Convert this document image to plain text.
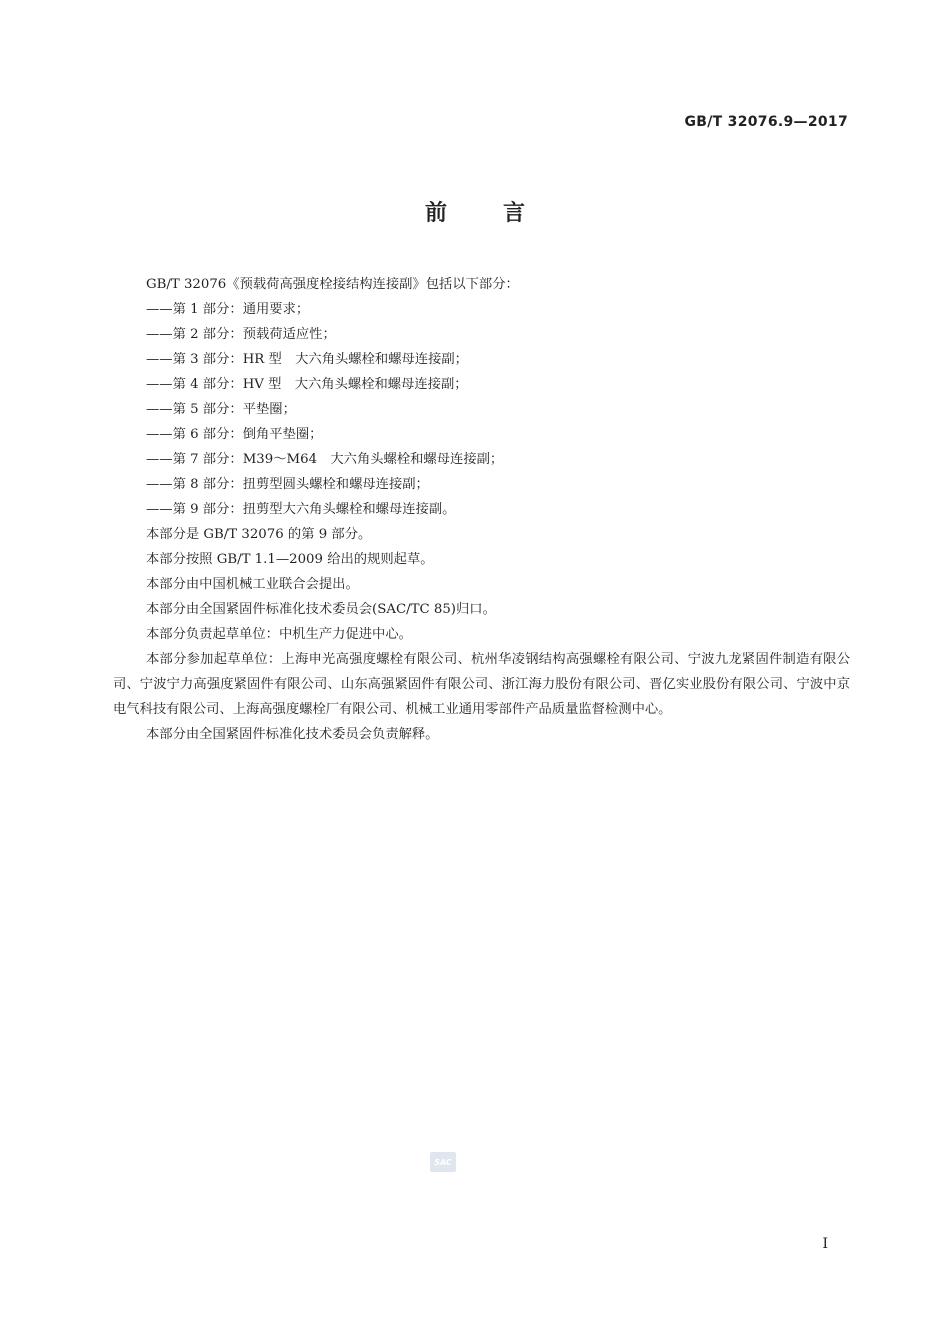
GB/T 32076.9—2017
前言

GB/T 32076《预载荷高强度栓接结构连接副》包括以下部分：

——第 1 部分：通用要求；

——第 2 部分：预载荷适应性；

——第 3 部分：HR 型　大六角头螺栓和螺母连接副；

——第 4 部分：HV 型　大六角头螺栓和螺母连接副；

——第 5 部分：平垫圈；

——第 6 部分：倒角平垫圈；

——第 7 部分：M39～M64　大六角头螺栓和螺母连接副；

——第 8 部分：扭剪型圆头螺栓和螺母连接副；

——第 9 部分：扭剪型大六角头螺栓和螺母连接副。

本部分是 GB/T 32076 的第 9 部分。

本部分按照 GB/T 1.1—2009 给出的规则起草。

本部分由中国机械工业联合会提出。

本部分由全国紧固件标准化技术委员会(SAC/TC 85)归口。

本部分负责起草单位：中机生产力促进中心。

本部分参加起草单位：上海申光高强度螺栓有限公司、杭州华凌钢结构高强螺栓有限公司、宁波九龙紧固件制造有限公司、宁波宁力高强度紧固件有限公司、山东高强紧固件有限公司、浙江海力股份有限公司、晋亿实业股份有限公司、宁波中京电气科技有限公司、上海高强度螺栓厂有限公司、机械工业通用零部件产品质量监督检测中心。

本部分由全国紧固件标准化技术委员会负责解释。

SAC
I
